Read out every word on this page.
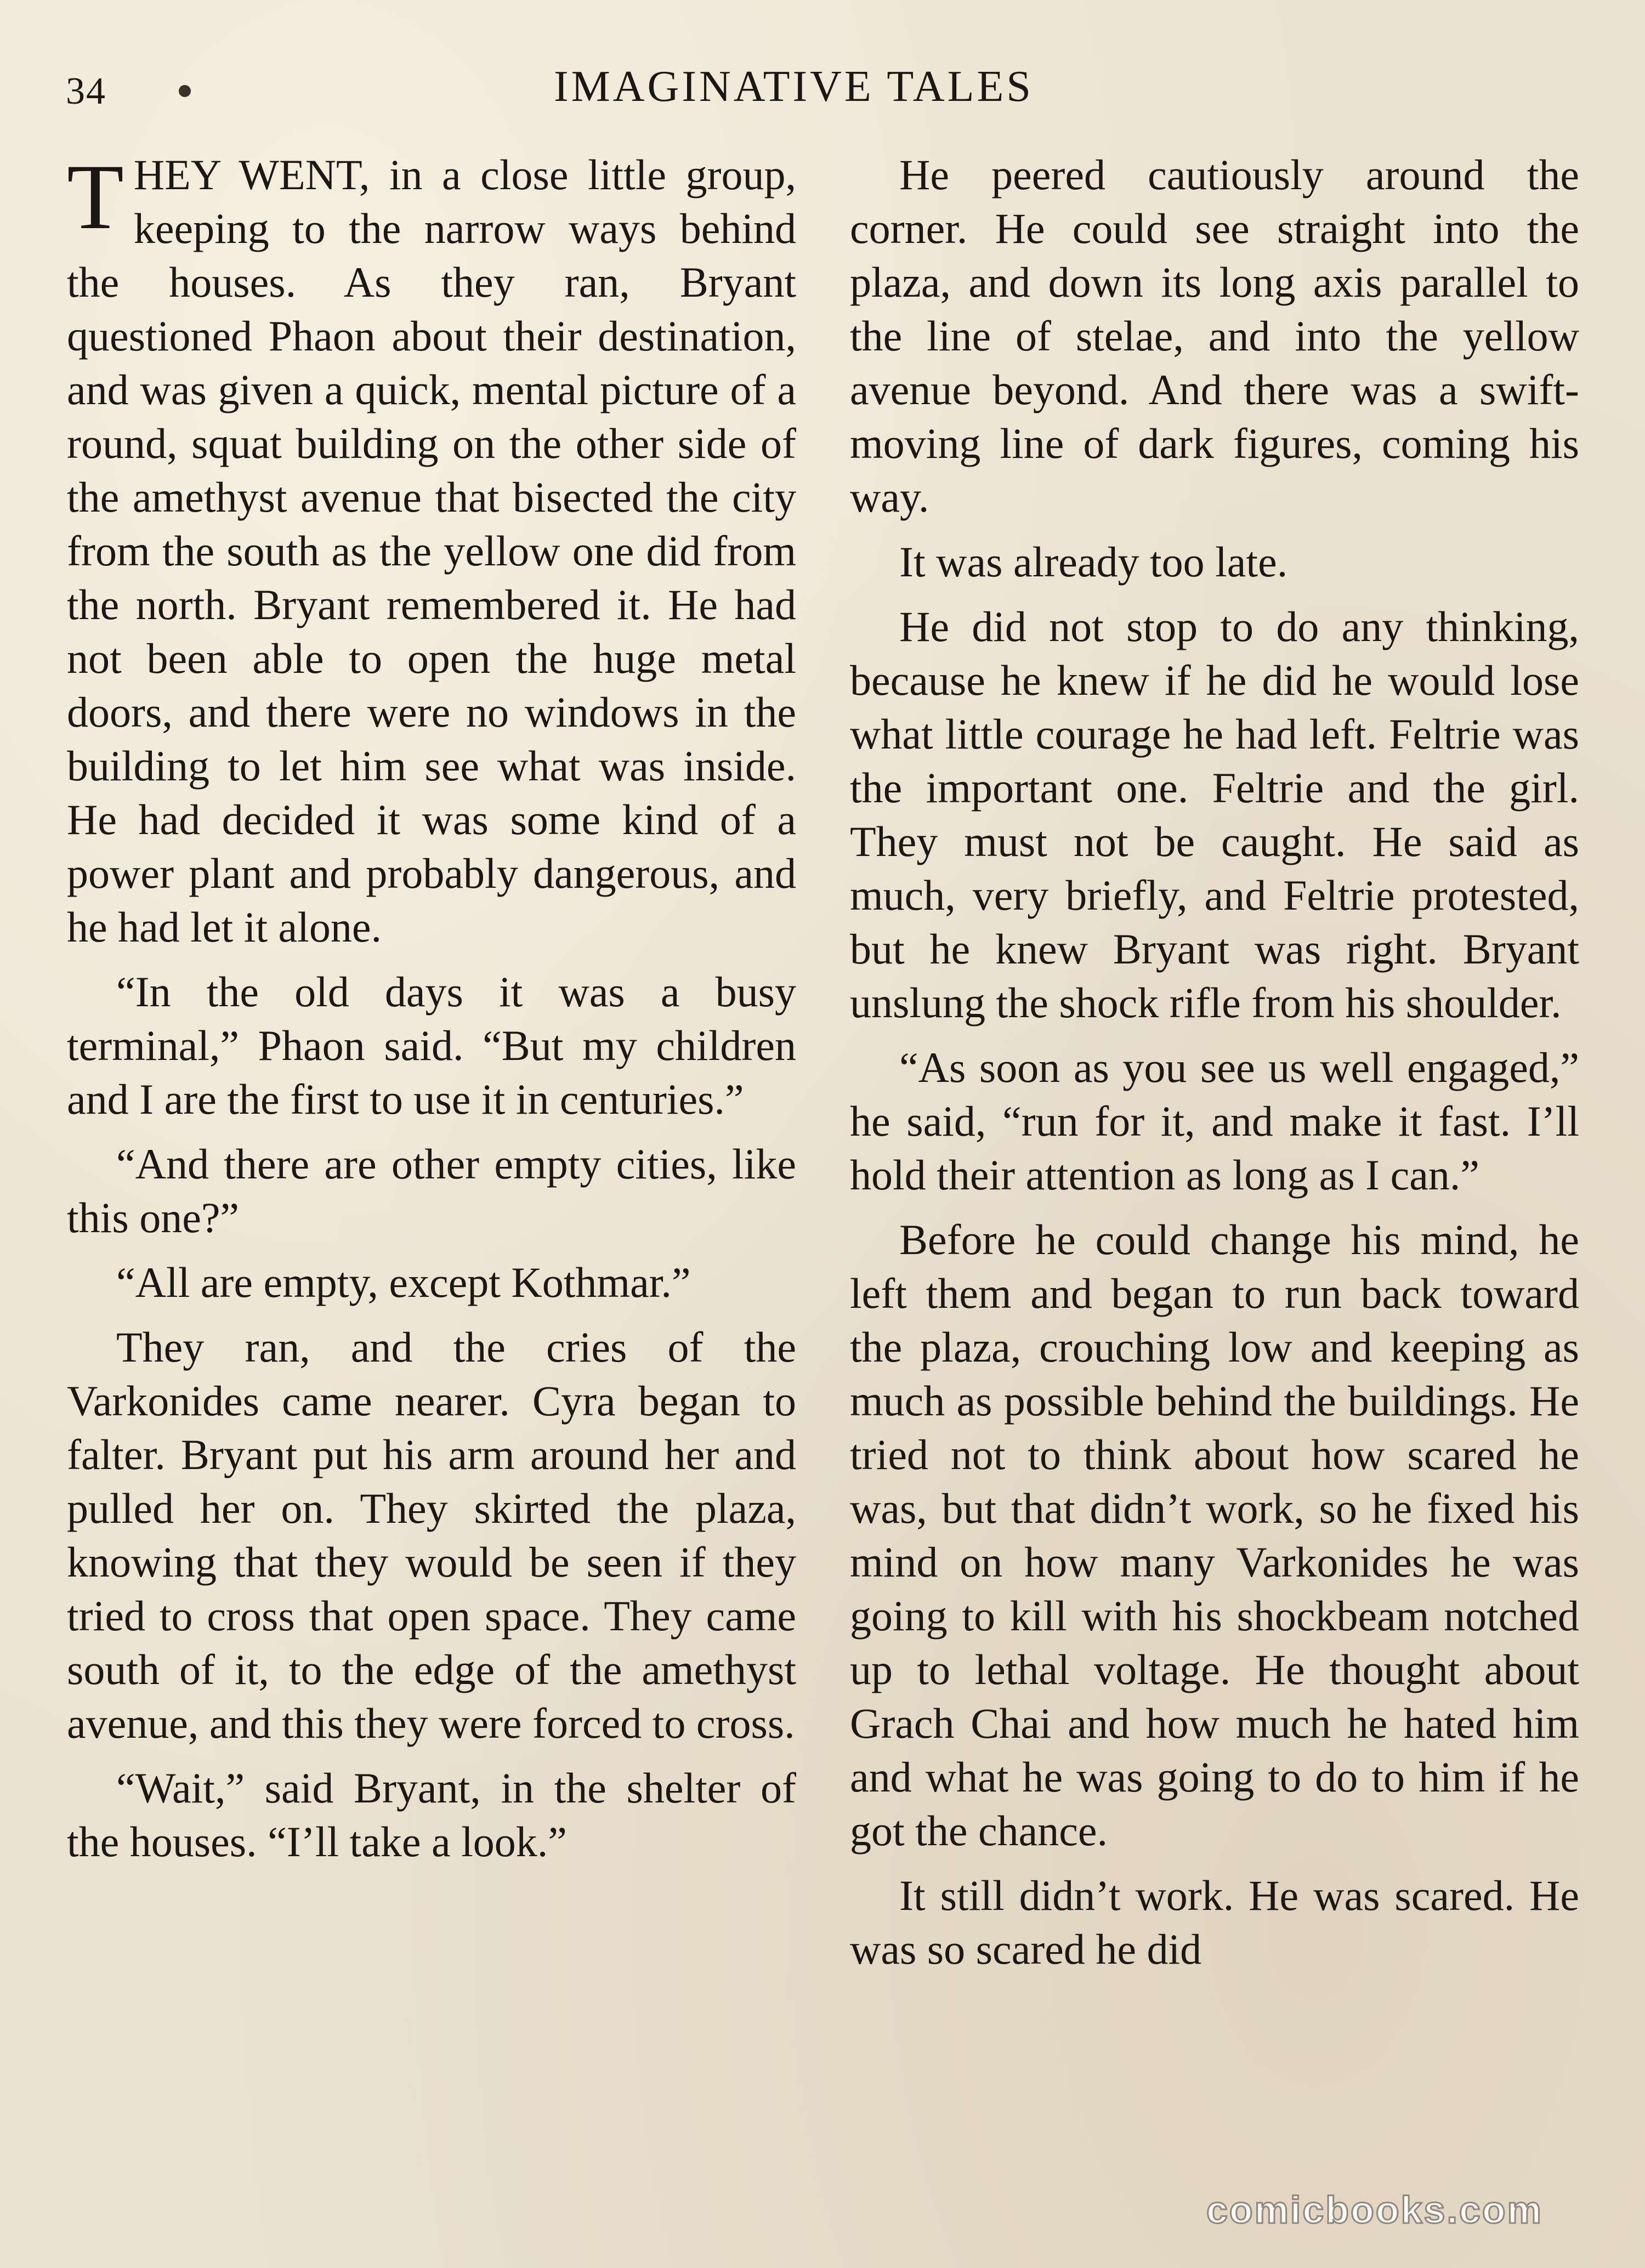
34	IMAGINATIVE TALES

THEY WENT, in a close little group, keeping to the narrow ways behind the houses. As they ran, Bryant questioned Phaon about their destination, and was given a quick, mental picture of a round, squat building on the other side of the amethyst avenue that bisected the city from the south as the yellow one did from the north. Bryant remembered it. He had not been able to open the huge metal doors, and there were no windows in the building to let him see what was inside. He had decided it was some kind of a power plant and probably dangerous, and he had let it alone.

“In the old days it was a busy terminal,” Phaon said. “But my children and I are the first to use it in centuries.”

“And there are other empty cities, like this one?”

“All are empty, except Kothmar.”

They ran, and the cries of the Varkonides came nearer. Cyra began to falter. Bryant put his arm around her and pulled her on. They skirted the plaza, knowing that they would be seen if they tried to cross that open space. They came south of it, to the edge of the amethyst avenue, and this they were forced to cross.

“Wait,” said Bryant, in the shelter of the houses. “I’ll take a look.”

He peered cautiously around the corner. He could see straight into the plaza, and down its long axis parallel to the line of stelae, and into the yellow avenue beyond. And there was a swift-moving line of dark figures, coming his way.

It was already too late.

He did not stop to do any thinking, because he knew if he did he would lose what little courage he had left. Feltrie was the important one. Feltrie and the girl. They must not be caught. He said as much, very briefly, and Feltrie protested, but he knew Bryant was right. Bryant unslung the shock rifle from his shoulder.

“As soon as you see us well engaged,” he said, “run for it, and make it fast. I’ll hold their attention as long as I can.”

Before he could change his mind, he left them and began to run back toward the plaza, crouching low and keeping as much as possible behind the buildings. He tried not to think about how scared he was, but that didn’t work, so he fixed his mind on how many Varkonides he was going to kill with his shockbeam notched up to lethal voltage. He thought about Grach Chai and how much he hated him and what he was going to do to him if he got the chance.

It still didn’t work. He was scared. He was so scared he did

comicbooks.com
